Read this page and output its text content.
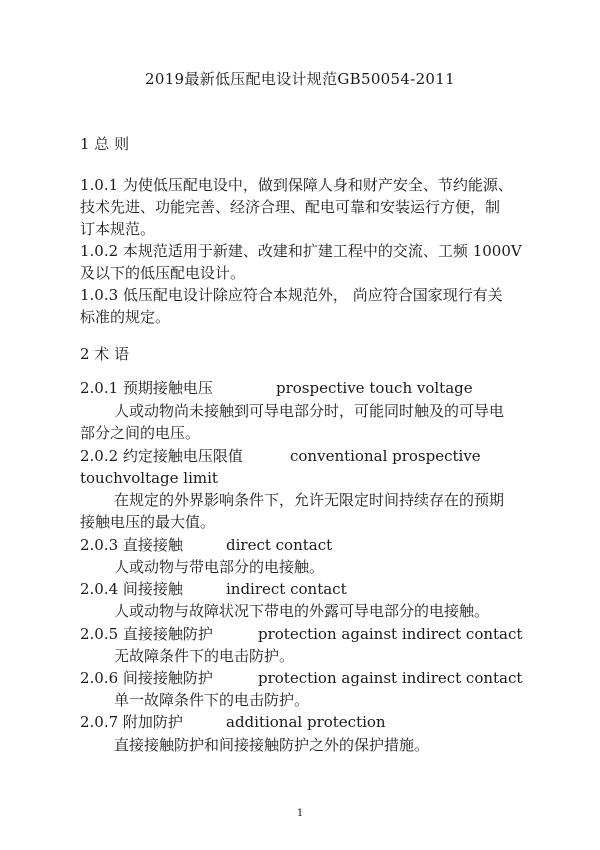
2019最新低压配电设计规范GB50054-2011
1 总 则
1.0.1 为使低压配电设中，做到保障人身和财产安全、节约能源、
技术先进、功能完善、经济合理、配电可靠和安装运行方便，制
订本规范。
1.0.2 本规范适用于新建、改建和扩建工程中的交流、工频 1000V
及以下的低压配电设计。
1.0.3 低压配电设计除应符合本规范外， 尚应符合国家现行有关
标准的规定。
2 术 语
2.0.1 预期接触电压	prospective touch voltage
人或动物尚未接触到可导电部分时，可能同时触及的可导电
部分之间的电压。
2.0.2 约定接触电压限值	conventional prospective
touchvoltage limit
在规定的外界影响条件下，允许无限定时间持续存在的预期
接触电压的最大值。
2.0.3 直接接触	direct contact
人或动物与带电部分的电接触。
2.0.4 间接接触	indirect contact
人或动物与故障状况下带电的外露可导电部分的电接触。
2.0.5 直接接触防护	protection against indirect contact
无故障条件下的电击防护。
2.0.6 间接接触防护	protection against indirect contact
单一故障条件下的电击防护。
2.0.7 附加防护	additional protection
直接接触防护和间接接触防护之外的保护措施。
1
